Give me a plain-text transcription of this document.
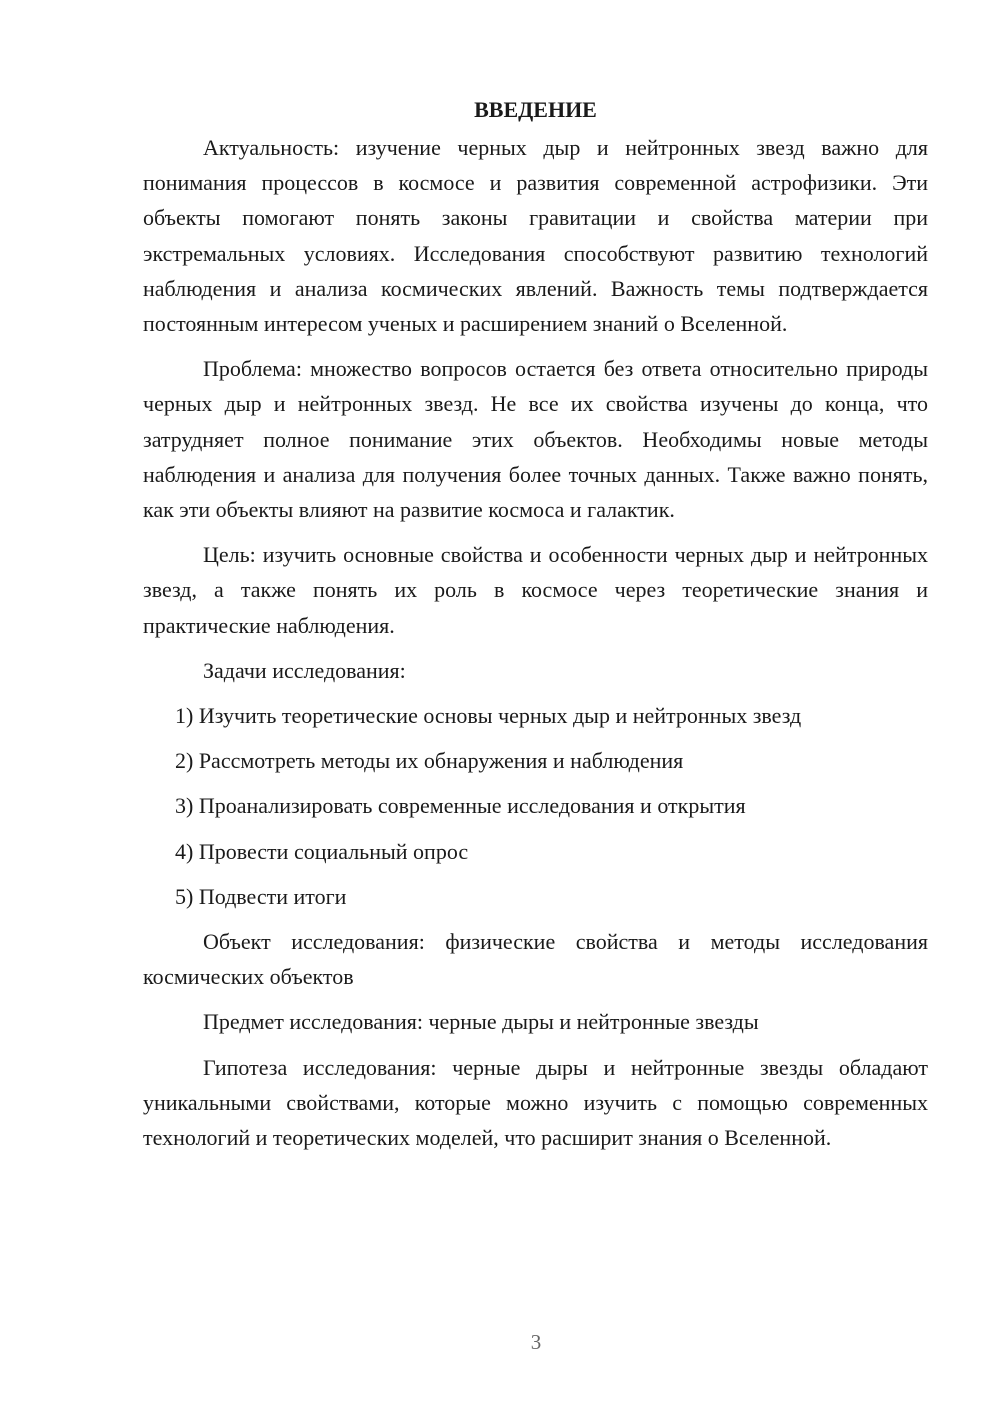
ВВЕДЕНИЕ

Актуальность: изучение черных дыр и нейтронных звезд важно для понимания процессов в космосе и развития современной астрофизики. Эти объекты помогают понять законы гравитации и свойства материи при экстремальных условиях. Исследования способствуют развитию технологий наблюдения и анализа космических явлений. Важность темы подтверждается постоянным интересом ученых и расширением знаний о Вселенной.

Проблема: множество вопросов остается без ответа относительно природы черных дыр и нейтронных звезд. Не все их свойства изучены до конца, что затрудняет полное понимание этих объектов. Необходимы новые методы наблюдения и анализа для получения более точных данных. Также важно понять, как эти объекты влияют на развитие космоса и галактик.

Цель: изучить основные свойства и особенности черных дыр и нейтронных звезд, а также понять их роль в космосе через теоретические знания и практические наблюдения.

Задачи исследования:

1) Изучить теоретические основы черных дыр и нейтронных звезд
2) Рассмотреть методы их обнаружения и наблюдения
3) Проанализировать современные исследования и открытия
4) Провести социальный опрос
5) Подвести итоги

Объект исследования: физические свойства и методы исследования космических объектов

Предмет исследования: черные дыры и нейтронные звезды

Гипотеза исследования: черные дыры и нейтронные звезды обладают уникальными свойствами, которые можно изучить с помощью современных технологий и теоретических моделей, что расширит знания о Вселенной.

3
